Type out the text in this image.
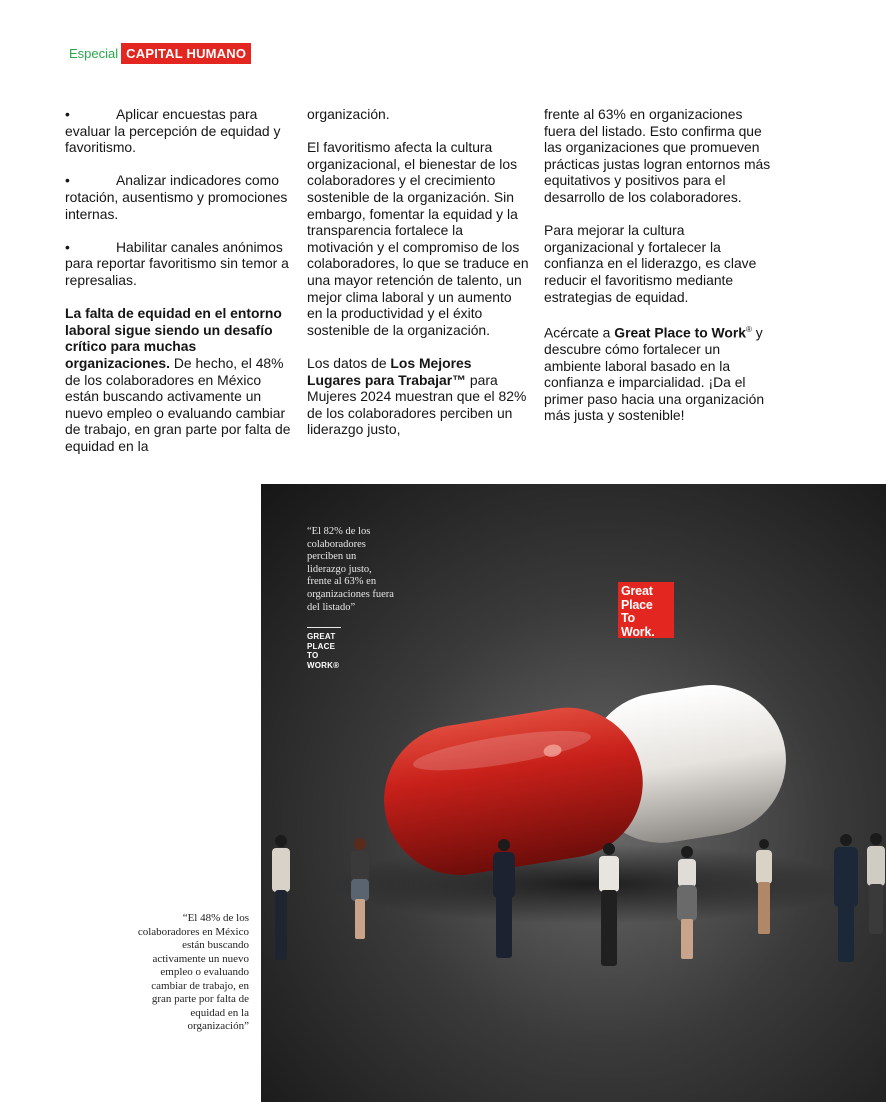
Especial CAPITAL HUMANO

•	Aplicar encuestas para evaluar la percepción de equidad y favoritismo.

•	Analizar indicadores como rotación, ausentismo y promociones internas.

•	Habilitar canales anónimos para reportar favoritismo sin temor a represalias.

La falta de equidad en el entorno laboral sigue siendo un desafío crítico para muchas organizaciones. De hecho, el 48% de los colaboradores en México están buscando activamente un nuevo empleo o evaluando cambiar de trabajo, en gran parte por falta de equidad en la

organización.

El favoritismo afecta la cultura organizacional, el bienestar de los colaboradores y el crecimiento sostenible de la organización. Sin embargo, fomentar la equidad y la transparencia fortalece la motivación y el compromiso de los colaboradores, lo que se traduce en una mayor retención de talento, un mejor clima laboral y un aumento en la productividad y el éxito sostenible de la organización.

Los datos de Los Mejores Lugares para Trabajar™ para Mujeres 2024 muestran que el 82% de los colaboradores perciben un liderazgo justo,

frente al 63% en organizaciones fuera del listado. Esto confirma que las organizaciones que promueven prácticas justas logran entornos más equitativos y positivos para el desarrollo de los colaboradores.

Para mejorar la cultura organizacional y fortalecer la confianza en el liderazgo, es clave reducir el favoritismo mediante estrategias de equidad.

Acércate a Great Place to Work® y descubre cómo fortalecer un ambiente laboral basado en la confianza e imparcialidad. ¡Da el primer paso hacia una organización más justa y sostenible!

“El 82% de los colaboradores perciben un liderazgo justo, frente al 63% en organizaciones fuera del listado”
GREAT
PLACE
TO
WORK®
Great
Place
To
Work.
“El 48% de los colaboradores en México están buscando activamente un nuevo empleo o evaluando cambiar de trabajo, en gran parte por falta de equidad en la organización”
